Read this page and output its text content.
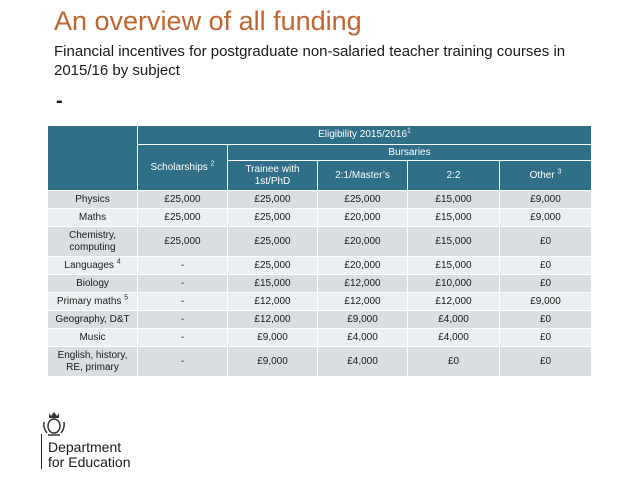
An overview of all funding
Financial incentives for postgraduate non-salaried teacher training courses in 2015/16 by subject
-
	Eligibility 2015/2016$^1$
	Scholarships $^2$	Bursaries			
		Trainee with 1st/PhD	2:1/Master’s	2:2	Other $^3$
Physics	£25,000	£25,000	£25,000	£15,000	£9,000
Maths	£25,000	£25,000	£20,000	£15,000	£9,000
Chemistry, computing	£25,000	£25,000	£20,000	£15,000	£0
Languages $^4$	-	£25,000	£20,000	£15,000	£0
Biology	-	£15,000	£12,000	£10,000	£0
Primary maths $^5$	-	£12,000	£12,000	£12,000	£9,000
Geography, D&T	-	£12,000	£9,000	£4,000	£0
Music	-	£9,000	£4,000	£4,000	£0
English, history, RE, primary	-	£9,000	£4,000	£0	£0
Department
for Education
